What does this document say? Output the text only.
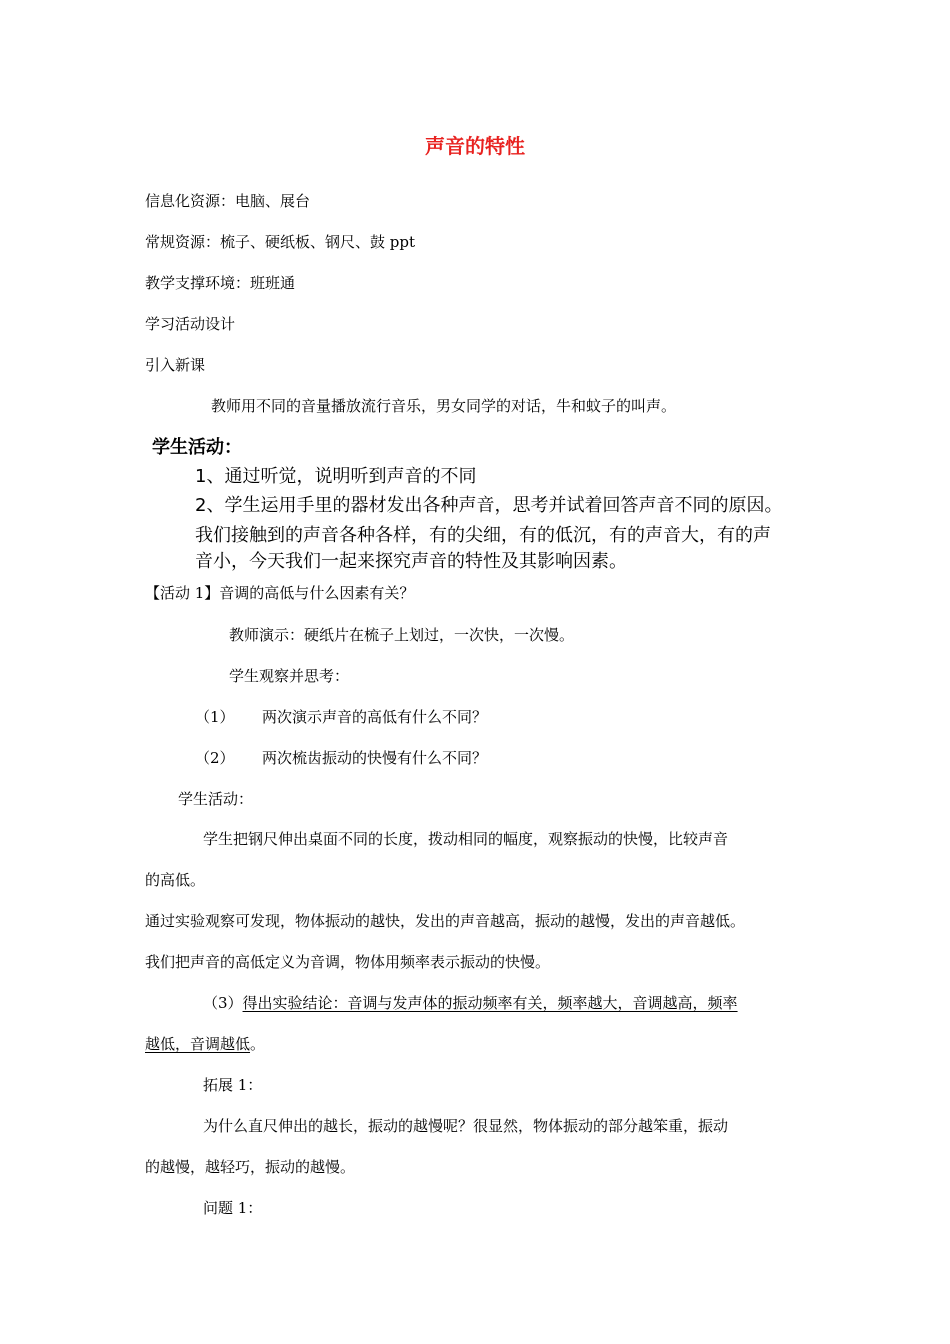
声音的特性
信息化资源：电脑、展台
常规资源：梳子、硬纸板、钢尺、鼓 ppt
教学支撑环境：班班通
学习活动设计
引入新课
教师用不同的音量播放流行音乐，男女同学的对话，牛和蚊子的叫声。
学生活动：
1、通过听觉，说明听到声音的不同
2、学生运用手里的器材发出各种声音，思考并试着回答声音不同的原因。
我们接触到的声音各种各样，有的尖细，有的低沉，有的声音大，有的声
音小，今天我们一起来探究声音的特性及其影响因素。
【活动 1】音调的高低与什么因素有关？
教师演示：硬纸片在梳子上划过，一次快，一次慢。
学生观察并思考：
（1） 两次演示声音的高低有什么不同？
（2） 两次梳齿振动的快慢有什么不同？
学生活动：
学生把钢尺伸出桌面不同的长度，拨动相同的幅度，观察振动的快慢，比较声音
的高低。
通过实验观察可发现，物体振动的越快，发出的声音越高，振动的越慢，发出的声音越低。
我们把声音的高低定义为音调，物体用频率表示振动的快慢。
（3）得出实验结论：音调与发声体的振动频率有关，频率越大，音调越高，频率
越低，音调越低。
拓展 1：
为什么直尺伸出的越长，振动的越慢呢？很显然，物体振动的部分越笨重，振动
的越慢，越轻巧，振动的越慢。
问题 1：
